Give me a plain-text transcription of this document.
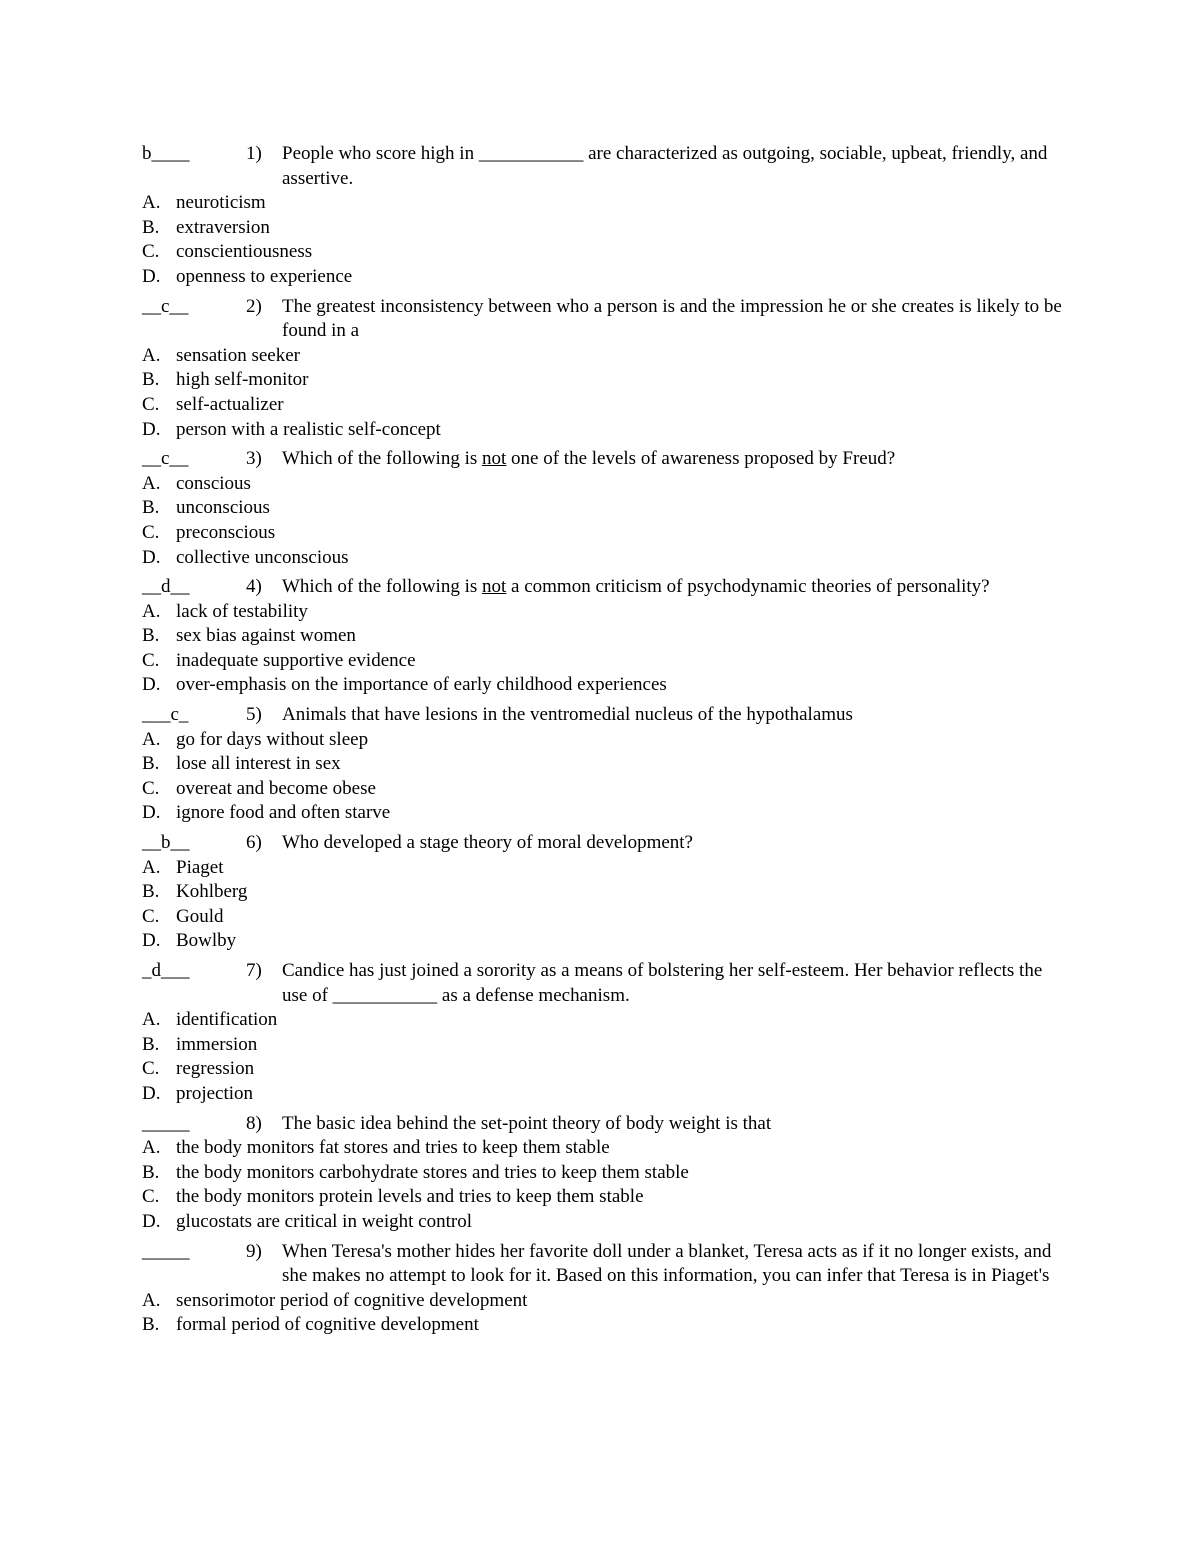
b____	1)	People who score high in ___________ are characterized as outgoing, sociable, upbeat, friendly, and assertive.
A. neuroticism
B. extraversion
C. conscientiousness
D. openness to experience
__c__	2)	The greatest inconsistency between who a person is and the impression he or she creates is likely to be found in a
A. sensation seeker
B. high self-monitor
C. self-actualizer
D. person with a realistic self-concept
__c__	3)	Which of the following is not one of the levels of awareness proposed by Freud?
A. conscious
B. unconscious
C. preconscious
D. collective unconscious
__d__	4)	Which of the following is not a common criticism of psychodynamic theories of personality?
A. lack of testability
B. sex bias against women
C. inadequate supportive evidence
D. over-emphasis on the importance of early childhood experiences
___c_	5)	Animals that have lesions in the ventromedial nucleus of the hypothalamus
A. go for days without sleep
B. lose all interest in sex
C. overeat and become obese
D. ignore food and often starve
__b__	6)	Who developed a stage theory of moral development?
A. Piaget
B. Kohlberg
C. Gould
D. Bowlby
_d___	7)	Candice has just joined a sorority as a means of bolstering her self-esteem. Her behavior reflects the use of ___________ as a defense mechanism.
A. identification
B. immersion
C. regression
D. projection
_____	8)	The basic idea behind the set-point theory of body weight is that
A. the body monitors fat stores and tries to keep them stable
B. the body monitors carbohydrate stores and tries to keep them stable
C. the body monitors protein levels and tries to keep them stable
D. glucostats are critical in weight control
_____	9)	When Teresa's mother hides her favorite doll under a blanket, Teresa acts as if it no longer exists, and she makes no attempt to look for it. Based on this information, you can infer that Teresa is in Piaget's
A. sensorimotor period of cognitive development
B. formal period of cognitive development
